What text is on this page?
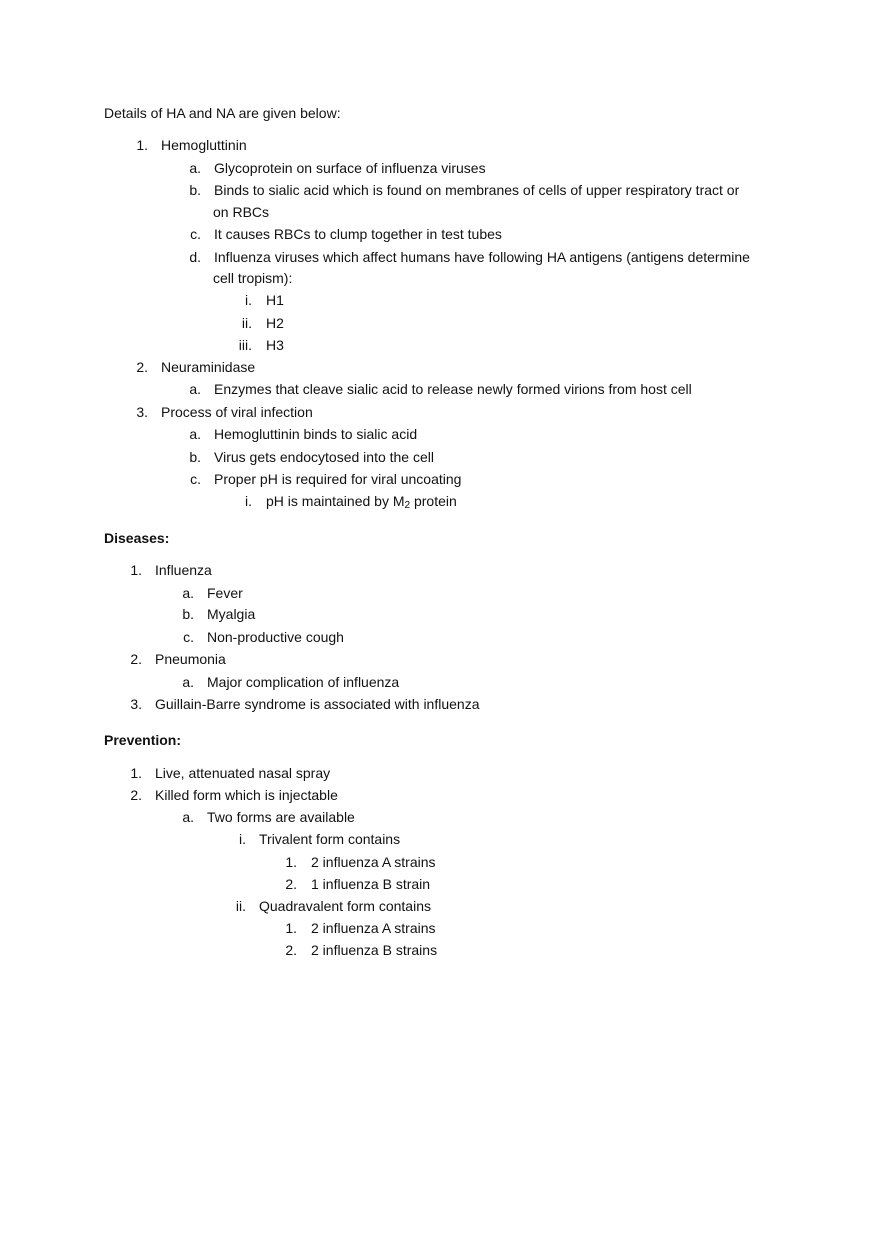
Details of HA and NA are given below:
1. Hemogluttinin
a. Glycoprotein on surface of influenza viruses
b. Binds to sialic acid which is found on membranes of cells of upper respiratory tract or
on RBCs
c. It causes RBCs to clump together in test tubes
d. Influenza viruses which affect humans have following HA antigens (antigens determine
cell tropism):
i. H1
ii. H2
iii. H3
2. Neuraminidase
a. Enzymes that cleave sialic acid to release newly formed virions from host cell
3. Process of viral infection
a. Hemogluttinin binds to sialic acid
b. Virus gets endocytosed into the cell
c. Proper pH is required for viral uncoating
i. pH is maintained by $M_2$ protein
Diseases:
1. Influenza
a. Fever
b. Myalgia
c. Non-productive cough
2. Pneumonia
a. Major complication of influenza
3. Guillain-Barre syndrome is associated with influenza
Prevention:
1. Live, attenuated nasal spray
2. Killed form which is injectable
a. Two forms are available
i. Trivalent form contains
1. 2 influenza A strains
2. 1 influenza B strain
ii. Quadravalent form contains
1. 2 influenza A strains
2. 2 influenza B strains
